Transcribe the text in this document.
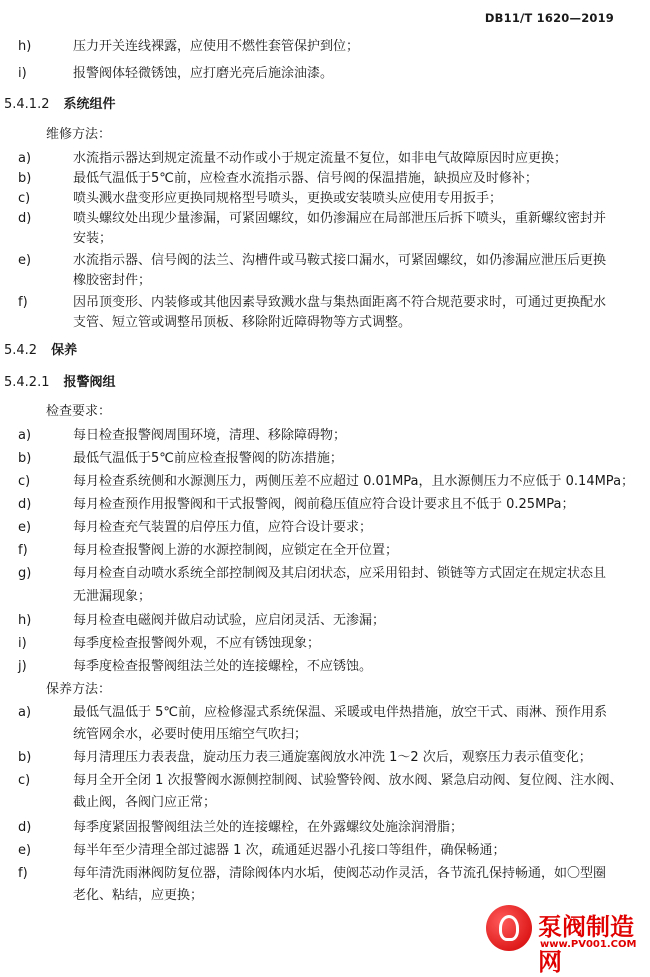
DB11/T 1620—2019
h)	压力开关连线裸露，应使用不燃性套管保护到位；
i)	报警阀体轻微锈蚀，应打磨光亮后施涂油漆。
5.4.1.2 系统组件
维修方法：
a)	水流指示器达到规定流量不动作或小于规定流量不复位，如非电气故障原因时应更换；
b)	最低气温低于5℃前，应检查水流指示器、信号阀的保温措施，缺损应及时修补；
c)	喷头溅水盘变形应更换同规格型号喷头，更换或安装喷头应使用专用扳手；
d)	喷头螺纹处出现少量渗漏，可紧固螺纹，如仍渗漏应在局部泄压后拆下喷头，重新螺纹密封并
安装；
e)	水流指示器、信号阀的法兰、沟槽件或马鞍式接口漏水，可紧固螺纹，如仍渗漏应泄压后更换
橡胶密封件；
f)	因吊顶变形、内装修或其他因素导致溅水盘与集热面距离不符合规范要求时，可通过更换配水
支管、短立管或调整吊顶板、移除附近障碍物等方式调整。
5.4.2 保养
5.4.2.1 报警阀组
检查要求：
a)	每日检查报警阀周围环境，清理、移除障碍物；
b)	最低气温低于5℃前应检查报警阀的防冻措施；
c)	每月检查系统侧和水源测压力，两侧压差不应超过 0.01MPa，且水源侧压力不应低于 0.14MPa；
d)	每月检查预作用报警阀和干式报警阀，阀前稳压值应符合设计要求且不低于 0.25MPa；
e)	每月检查充气装置的启停压力值，应符合设计要求；
f)	每月检查报警阀上游的水源控制阀，应锁定在全开位置；
g)	每月检查自动喷水系统全部控制阀及其启闭状态，应采用铅封、锁链等方式固定在规定状态且
无泄漏现象；
h)	每月检查电磁阀并做启动试验，应启闭灵活、无渗漏；
i)	每季度检查报警阀外观，不应有锈蚀现象；
j)	每季度检查报警阀组法兰处的连接螺栓，不应锈蚀。
保养方法：
a)	最低气温低于 5℃前，应检修湿式系统保温、采暖或电伴热措施，放空干式、雨淋、预作用系
统管网余水，必要时使用压缩空气吹扫；
b)	每月清理压力表表盘，旋动压力表三通旋塞阀放水冲洗 1～2 次后，观察压力表示值变化；
c)	每月全开全闭 1 次报警阀水源侧控制阀、试验警铃阀、放水阀、紧急启动阀、复位阀、注水阀、
截止阀，各阀门应正常；
d)	每季度紧固报警阀组法兰处的连接螺栓，在外露螺纹处施涂润滑脂；
e)	每半年至少清理全部过滤器 1 次，疏通延迟器小孔接口等组件，确保畅通；
f)	每年清洗雨淋阀防复位器，清除阀体内水垢，使阀芯动作灵活，各节流孔保持畅通，如〇型圈
老化、粘结，应更换；
泵阀制造网
www.PV001.COM
